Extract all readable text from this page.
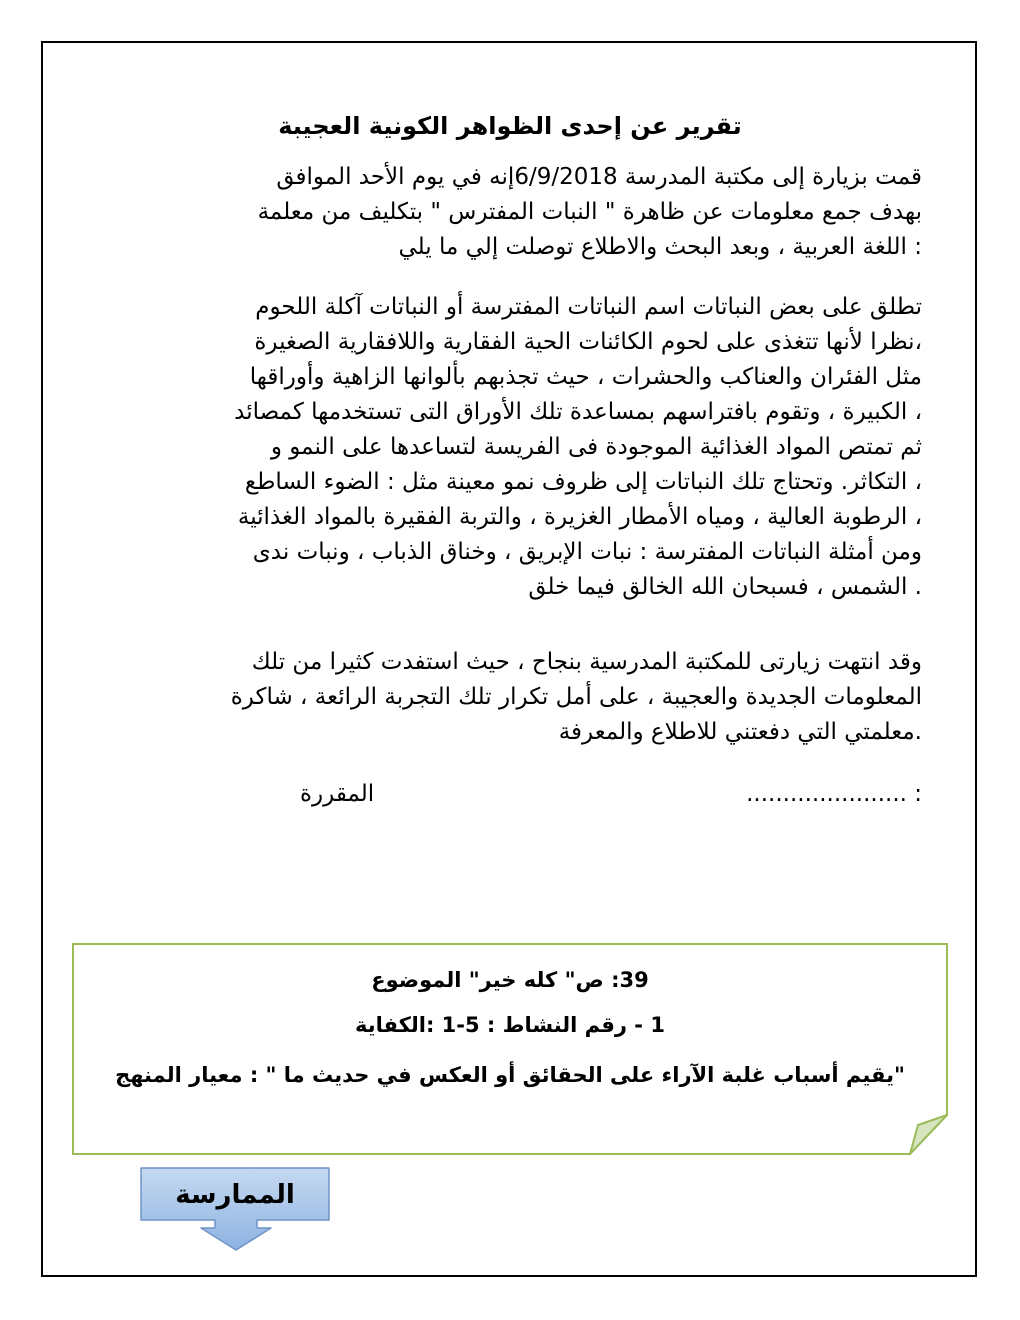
تقرير عن إحدى الظواهر الكونية العجيبة

قمت بزيارة إلى مكتبة المدرسة 6/9/2018إنه في يوم الأحد الموافق
بهدف جمع معلومات عن ظاهرة " النبات المفترس " بتكليف من معلمة
: اللغة العربية ، وبعد البحث والاطلاع توصلت إلي ما يلي

تطلق على بعض النباتات اسم النباتات المفترسة أو النباتات آكلة اللحوم
،نظرا لأنها تتغذى على لحوم الكائنات الحية الفقارية واللافقارية الصغيرة
مثل الفئران والعناكب والحشرات ، حيث تجذبهم بألوانها الزاهية وأوراقها
، الكبيرة ، وتقوم بافتراسهم بمساعدة تلك الأوراق التى تستخدمها كمصائد
ثم تمتص المواد الغذائية الموجودة فى الفريسة لتساعدها على النمو و
، التكاثر. وتحتاج تلك النباتات إلى ظروف نمو معينة مثل : الضوء الساطع
، الرطوبة العالية ، ومياه الأمطار الغزيرة ، والتربة الفقيرة بالمواد الغذائية
ومن أمثلة النباتات المفترسة : نبات الإبريق ، وخناق الذباب ، ونبات ندى
. الشمس ، فسبحان الله الخالق فيما خلق

وقد انتهت زيارتى للمكتبة المدرسية بنجاح ، حيث استفدت كثيرا من تلك
المعلومات الجديدة والعجيبة ، على أمل تكرار تلك التجربة الرائعة ، شاكرة
.معلمتي التي دفعتني للاطلاع والمعرفة

: ......................
المقررة
39: ص" كله خير" الموضوع
1 - رقم النشاط : 5-1 :الكفاية
"يقيم أسباب غلبة الآراء على الحقائق أو العكس في حديث ما " : معيار المنهج
الممارسة
